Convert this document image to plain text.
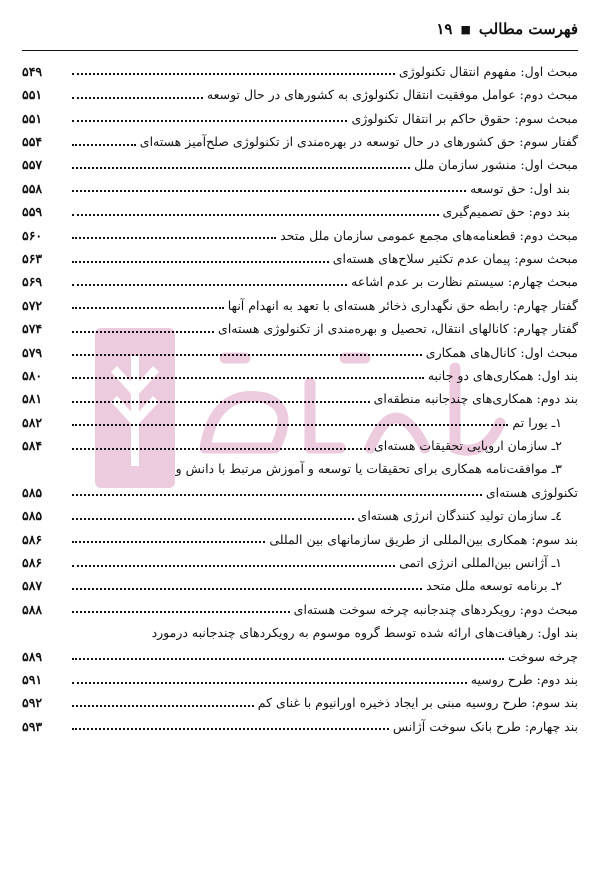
فهرست مطالب
■
۱۹
مبحث اول: مفهوم انتقال تکنولوژی
۵۴۹
مبحث دوم: عوامل موفقیت انتقال تکنولوژی به کشورهای در حال توسعه
۵۵۱
مبحث سوم: حقوق حاکم بر انتقال تکنولوژی
۵۵۱
گفتار سوم: حق کشورهای در حال توسعه در بهره‌مندی از تکنولوژی صلح‌آمیز هسته‌ای
۵۵۴
مبحث اول: منشور سازمان ملل
۵۵۷
بند اول: حق توسعه
۵۵۸
بند دوم: حق تصمیم‌گیری
۵۵۹
مبحث دوم: قطعنامه‌های مجمع عمومی سازمان ملل متحد
۵۶۰
مبحث سوم: پیمان عدم تکثیر سلاح‌های هسته‌ای
۵۶۳
مبحث چهارم: سیستم نظارت بر عدم اشاعه
۵۶۹
گفتار چهارم: رابطه حق نگهداری ذخائر هسته‌ای با تعهد به انهدام آنها
۵۷۲
گفتار چهارم: کانالهای انتقال، تحصیل و بهره‌مندی از تکنولوژی هسته‌ای
۵۷۴
مبحث اول: کانال‌های همکاری
۵۷۹
بند اول: همکاری‌های دو جانبه
۵۸۰
بند دوم: همکاری‌های چندجانبه منطقه‌ای
۵۸۱
۱ـ یورا تم
۵۸۲
۲ـ سازمان اروپایی تحقیقات هسته‌ای
۵۸۴
۳ـ موافقت‌نامه همکاری برای تحقیقات یا توسعه و آموزش مرتبط با دانش و
تکنولوژی هسته‌ای
۵۸۵
٤ـ سازمان تولید کنندگان انرژی هسته‌ای
۵۸۵
بند سوم: همکاری بین‌المللی از طریق سازمانهای بین المللی
۵۸۶
۱ـ آژانس بین‌المللی انرژی اتمی
۵۸۶
۲ـ برنامه توسعه ملل متحد
۵۸۷
مبحث دوم: رویکردهای چندجانبه چرخه سوخت هسته‌ای
۵۸۸
بند اول: رهیافت‌های ارائه شده توسط گروه موسوم به رویکردهای چندجانبه درمورد
چرخه سوخت
۵۸۹
بند دوم: طرح روسیه
۵۹۱
بند سوم: طرح روسیه مبنی بر ایجاد ذخیره اورانیوم با غنای کم
۵۹۲
بند چهارم: طرح بانک سوخت آژانس
۵۹۳
